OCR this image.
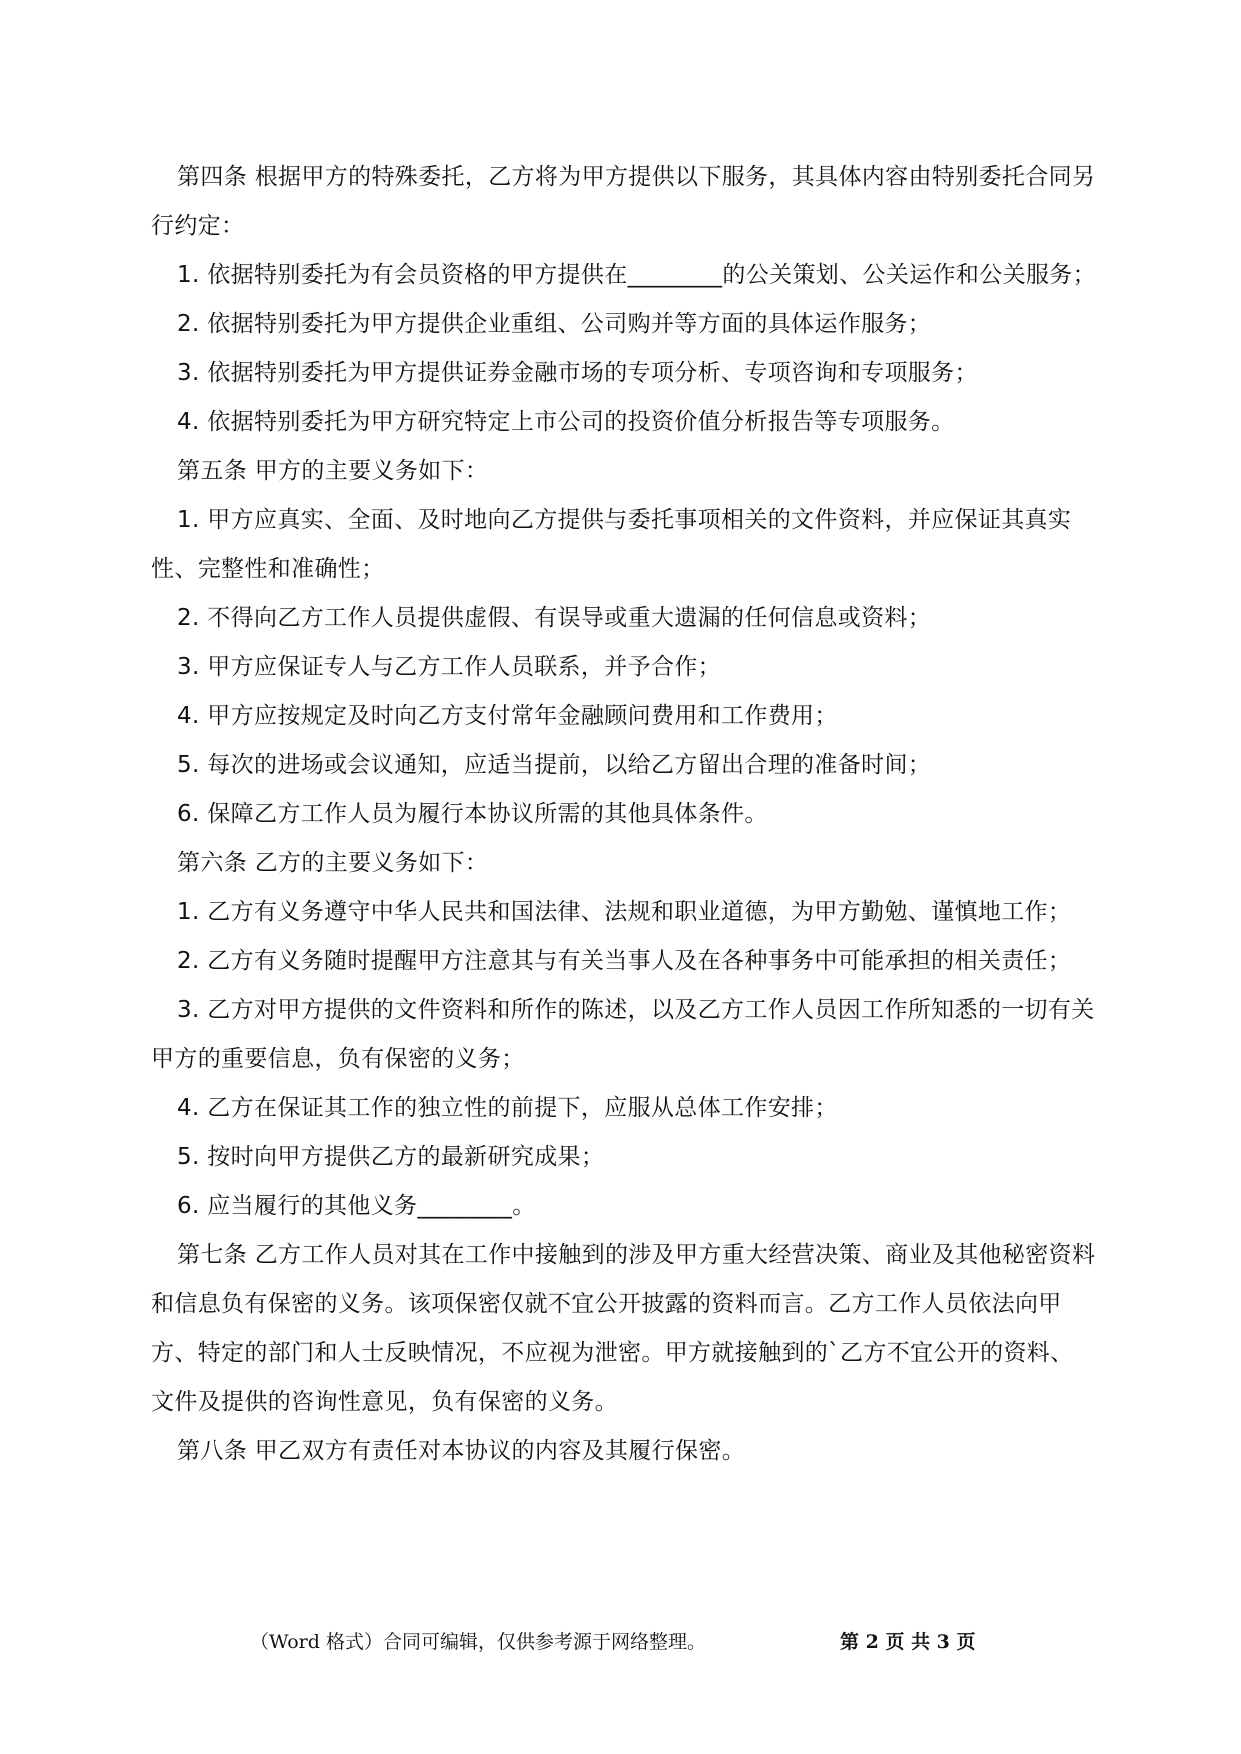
第四条 根据甲方的特殊委托，乙方将为甲方提供以下服务，其具体内容由特别委托合同另行约定：

1. 依据特别委托为有会员资格的甲方提供在________的公关策划、公关运作和公关服务；

2. 依据特别委托为甲方提供企业重组、公司购并等方面的具体运作服务；

3. 依据特别委托为甲方提供证券金融市场的专项分析、专项咨询和专项服务；

4. 依据特别委托为甲方研究特定上市公司的投资价值分析报告等专项服务。

第五条 甲方的主要义务如下：

1. 甲方应真实、全面、及时地向乙方提供与委托事项相关的文件资料，并应保证其真实性、完整性和准确性；

2. 不得向乙方工作人员提供虚假、有误导或重大遗漏的任何信息或资料；

3. 甲方应保证专人与乙方工作人员联系，并予合作；

4. 甲方应按规定及时向乙方支付常年金融顾问费用和工作费用；

5. 每次的进场或会议通知，应适当提前，以给乙方留出合理的准备时间；

6. 保障乙方工作人员为履行本协议所需的其他具体条件。

第六条 乙方的主要义务如下：

1. 乙方有义务遵守中华人民共和国法律、法规和职业道德，为甲方勤勉、谨慎地工作；

2. 乙方有义务随时提醒甲方注意其与有关当事人及在各种事务中可能承担的相关责任；

3. 乙方对甲方提供的文件资料和所作的陈述，以及乙方工作人员因工作所知悉的一切有关甲方的重要信息，负有保密的义务；

4. 乙方在保证其工作的独立性的前提下，应服从总体工作安排；

5. 按时向甲方提供乙方的最新研究成果；

6. 应当履行的其他义务________。

第七条 乙方工作人员对其在工作中接触到的涉及甲方重大经营决策、商业及其他秘密资料和信息负有保密的义务。该项保密仅就不宜公开披露的资料而言。乙方工作人员依法向甲方、特定的部门和人士反映情况，不应视为泄密。甲方就接触到的`乙方不宜公开的资料、文件及提供的咨询性意见，负有保密的义务。

第八条 甲乙双方有责任对本协议的内容及其履行保密。

（Word 格式）合同可编辑，仅供参考源于网络整理。	第 2 页 共 3 页
